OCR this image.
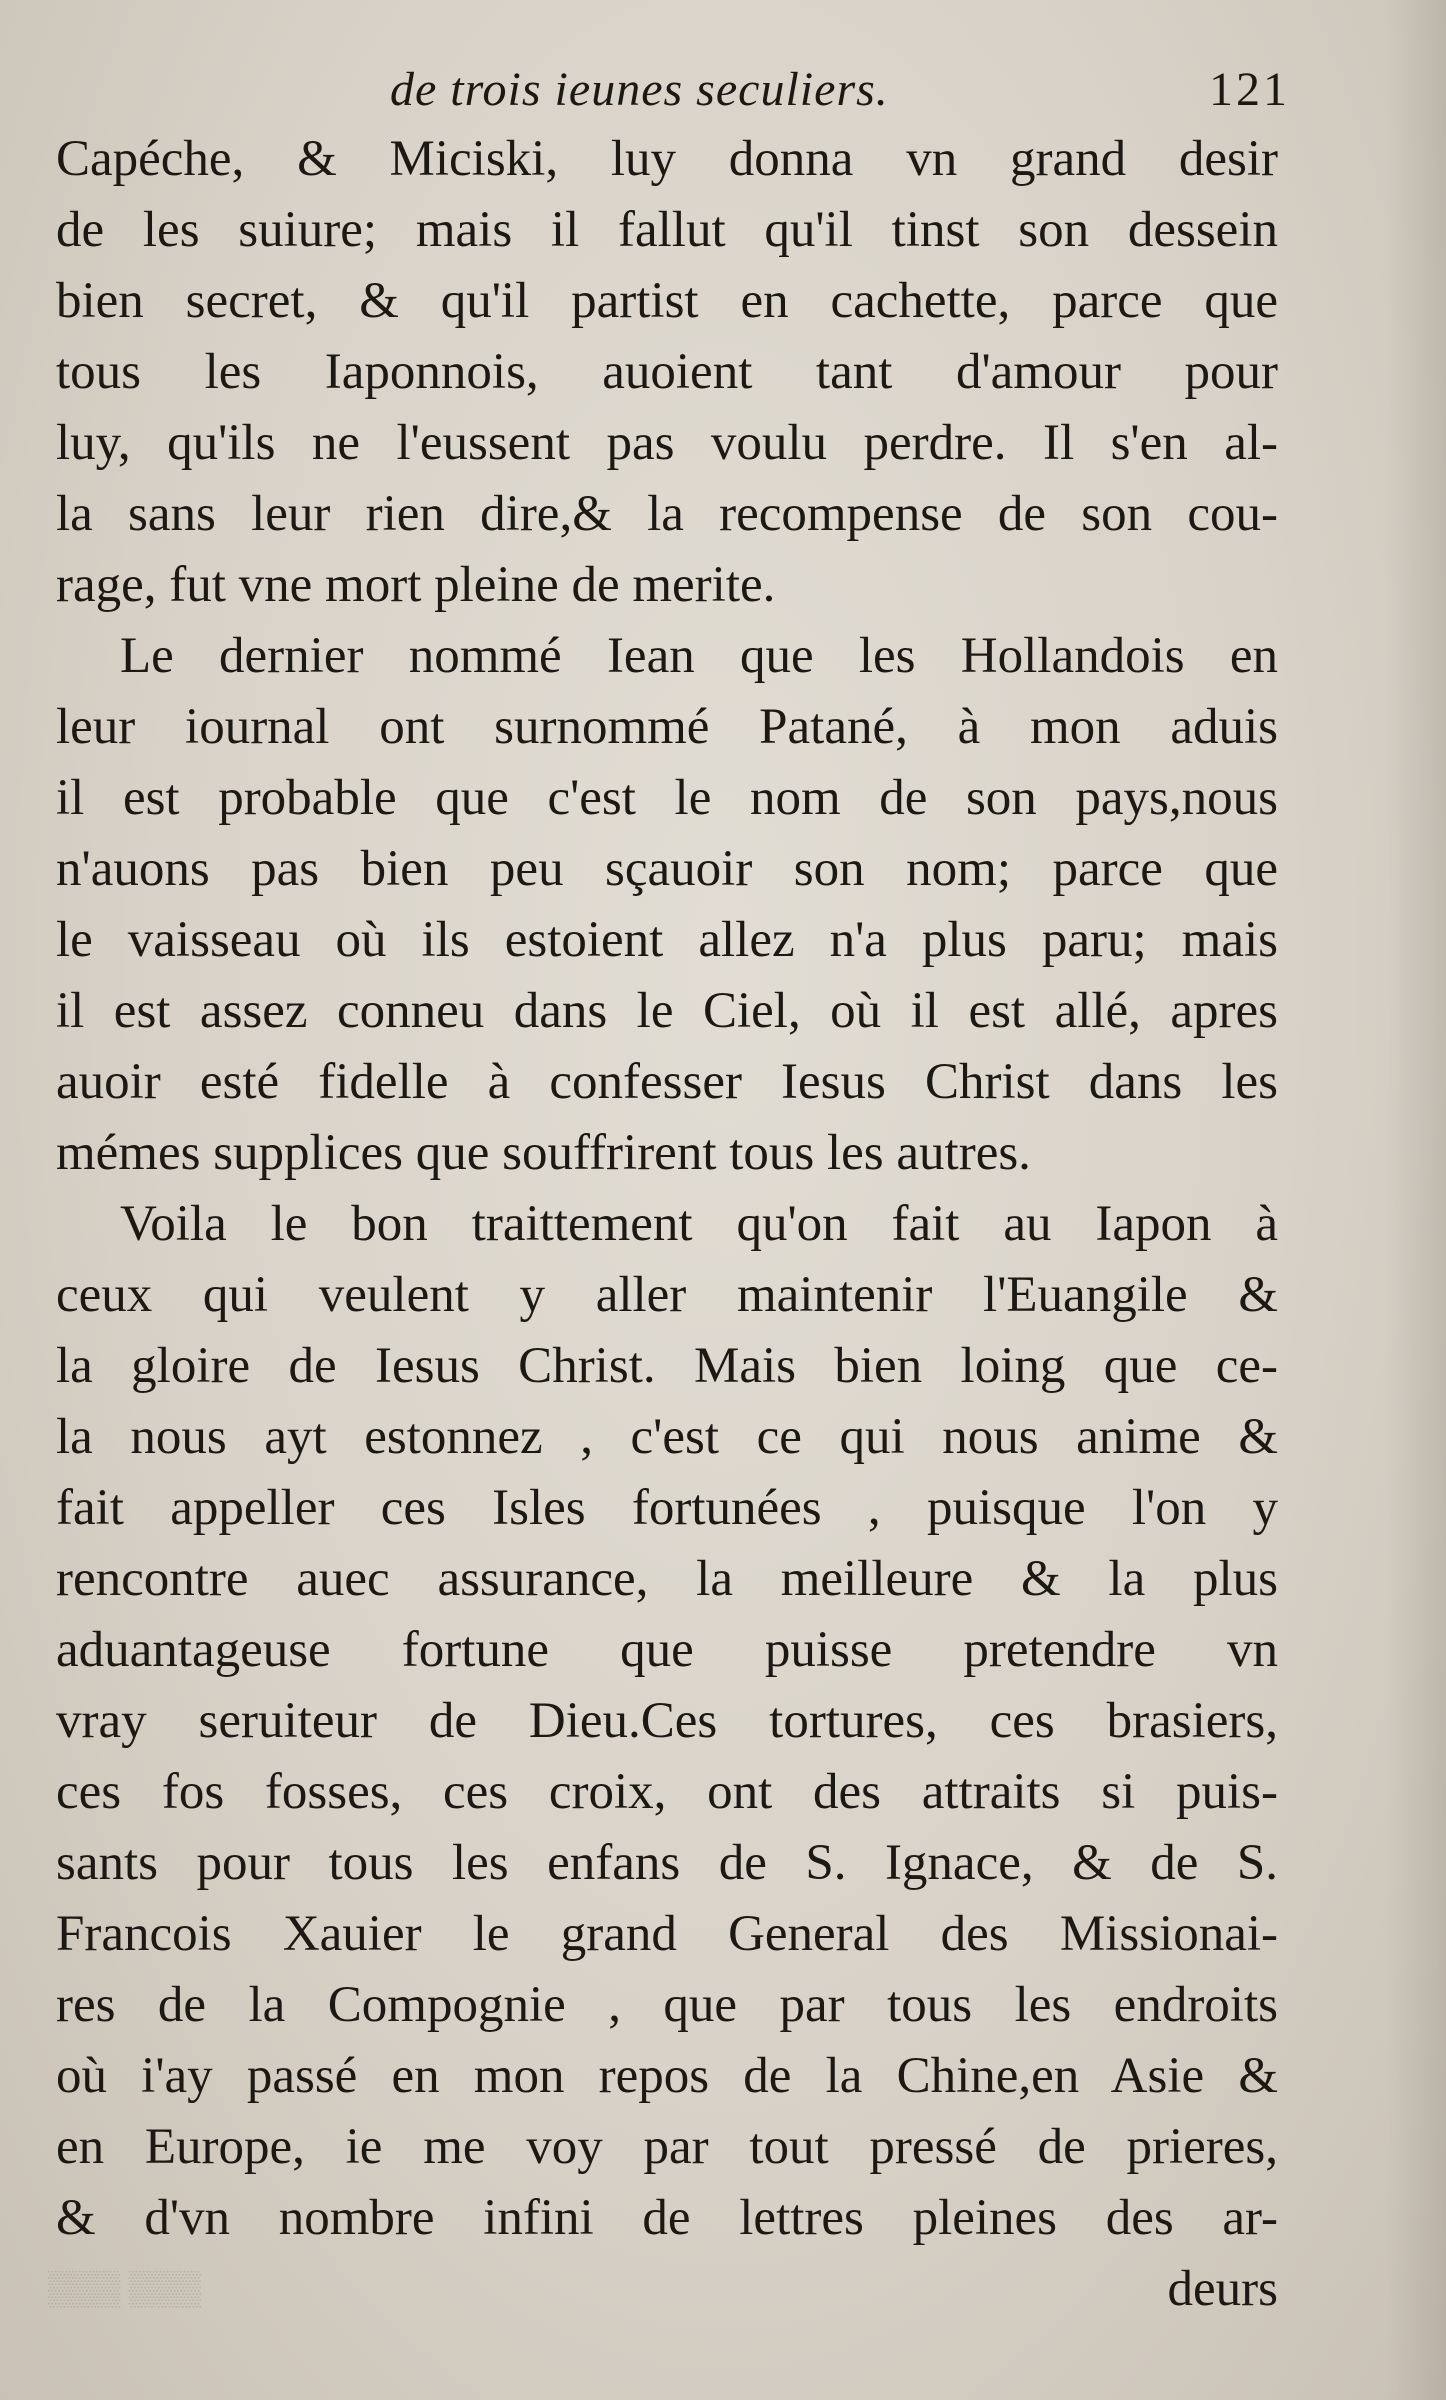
de trois ieunes seculiers.	121
Capéche, & Miciski, luy donna vn grand desir
de les suiure; mais il fallut qu'il tinst son dessein
bien secret, & qu'il partist en cachette, parce que
tous les Iaponnois, auoient tant d'amour pour
luy, qu'ils ne l'eussent pas voulu perdre. Il s'en al-
la sans leur rien dire,& la recompense de son cou-
rage, fut vne mort pleine de merite.
Le dernier nommé Iean que les Hollandois en
leur iournal ont surnommé Patané, à mon aduis
il est probable que c'est le nom de son pays,nous
n'auons pas bien peu sçauoir son nom; parce que
le vaisseau où ils estoient allez n'a plus paru; mais
il est assez conneu dans le Ciel, où il est allé, apres
auoir esté fidelle à confesser Iesus Christ dans les
mémes supplices que souffrirent tous les autres.
Voila le bon traittement qu'on fait au Iapon à
ceux qui veulent y aller maintenir l'Euangile &
la gloire de Iesus Christ. Mais bien loing que ce-
la nous ayt estonnez , c'est ce qui nous anime &
fait appeller ces Isles fortunées , puisque l'on y
rencontre auec assurance, la meilleure & la plus
aduantageuse fortune que puisse pretendre vn
vray seruiteur de Dieu.Ces tortures, ces brasiers,
ces fos fosses, ces croix, ont des attraits si puis-
sants pour tous les enfans de S. Ignace, & de S.
Francois Xauier le grand General des Missionai-
res de la Compognie , que par tous les endroits
où i'ay passé en mon repos de la Chine,en Asie &
en Europe, ie me voy par tout pressé de prieres,
& d'vn nombre infini de lettres pleines des ar-
deurs
▒▒▒ ▒▒▒
